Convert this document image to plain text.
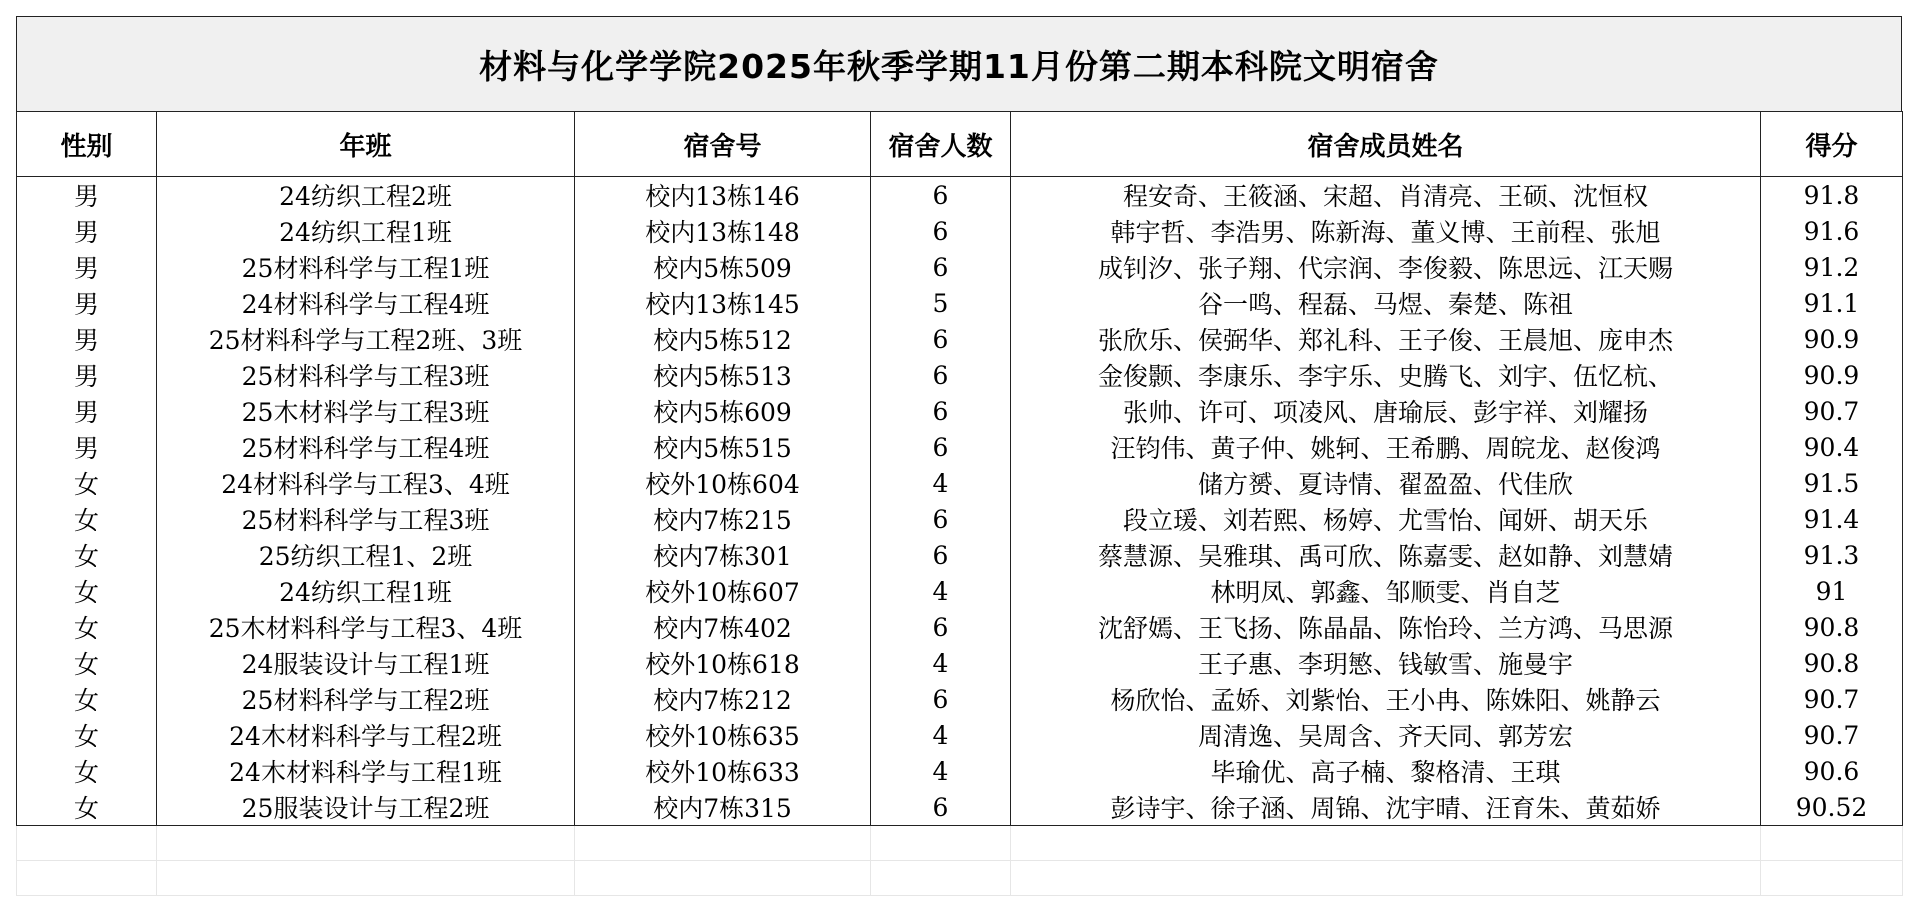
材料与化学学院2025年秋季学期11月份第二期本科院文明宿舍
性别	年班	宿舍号	宿舍人数	宿舍成员姓名	得分
男	24纺织工程2班	校内13栋146	6	程安奇、王筱涵、宋超、肖清亮、王硕、沈恒权	91.8
男	24纺织工程1班	校内13栋148	6	韩宇哲、李浩男、陈新海、董义博、王前程、张旭	91.6
男	25材料科学与工程1班	校内5栋509	6	成钊汐、张子翔、代宗润、李俊毅、陈思远、江天赐	91.2
男	24材料科学与工程4班	校内13栋145	5	谷一鸣、程磊、马煜、秦楚、陈祖	91.1
男	25材料科学与工程2班、3班	校内5栋512	6	张欣乐、侯弼华、郑礼科、王子俊、王晨旭、庞申杰	90.9
男	25材料科学与工程3班	校内5栋513	6	金俊颢、李康乐、李宇乐、史腾飞、刘宇、伍忆杭、	90.9
男	25木材料学与工程3班	校内5栋609	6	张帅、许可、项凌风、唐瑜辰、彭宇祥、刘耀扬	90.7
男	25材料科学与工程4班	校内5栋515	6	汪钧伟、黄子仲、姚轲、王希鹏、周皖龙、赵俊鸿	90.4
女	24材料科学与工程3、4班	校外10栋604	4	储方赟、夏诗情、翟盈盈、代佳欣	91.5
女	25材料科学与工程3班	校内7栋215	6	段立瑗、刘若熙、杨婷、尤雪怡、闻妍、胡天乐	91.4
女	25纺织工程1、2班	校内7栋301	6	蔡慧源、吴雅琪、禹可欣、陈嘉雯、赵如静、刘慧婧	91.3
女	24纺织工程1班	校外10栋607	4	林明凤、郭鑫、邹顺雯、肖自芝	91
女	25木材料科学与工程3、4班	校内7栋402	6	沈舒嫣、王飞扬、陈晶晶、陈怡玲、兰方鸿、马思源	90.8
女	24服装设计与工程1班	校外10栋618	4	王子惠、李玥慜、钱敏雪、施曼宇	90.8
女	25材料科学与工程2班	校内7栋212	6	杨欣怡、孟娇、刘紫怡、王小冉、陈姝阳、姚静云	90.7
女	24木材料科学与工程2班	校外10栋635	4	周清逸、吴周含、齐天同、郭芳宏	90.7
女	24木材料科学与工程1班	校外10栋633	4	毕瑜优、高子楠、黎格清、王琪	90.6
女	25服装设计与工程2班	校内7栋315	6	彭诗宇、徐子涵、周锦、沈宇晴、汪育朱、黄茹娇	90.52
